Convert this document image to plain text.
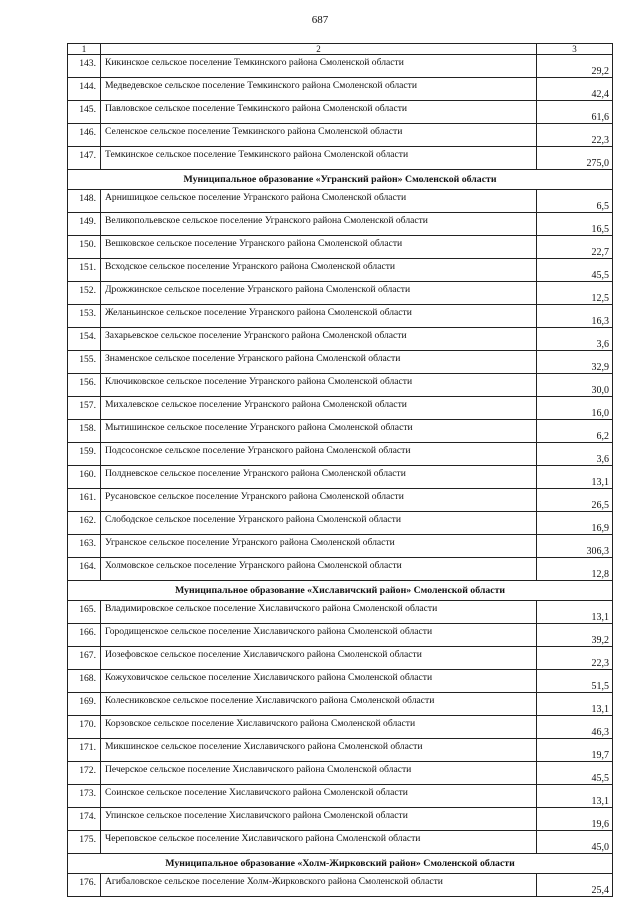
687
1	2	3
143.	Кикинское сельское поселение Темкинского района Смоленской области	29,2
144.	Медведевское сельское поселение Темкинского района Смоленской области	42,4
145.	Павловское сельское поселение Темкинского района Смоленской области	61,6
146.	Селенское сельское поселение Темкинского района Смоленской области	22,3
147.	Темкинское сельское поселение Темкинского района Смоленской области	275,0
Муниципальное образование «Угранский район» Смоленской области		
148.	Арнишицкое сельское поселение Угранского района Смоленской области	6,5
149.	Великопольевское сельское поселение Угранского района Смоленской области	16,5
150.	Вешковское сельское поселение Угранского района Смоленской области	22,7
151.	Всходское сельское поселение Угранского района Смоленской области	45,5
152.	Дрожжинское сельское поселение Угранского района Смоленской области	12,5
153.	Желаньинское сельское поселение Угранского района Смоленской области	16,3
154.	Захарьевское сельское поселение Угранского района Смоленской области	3,6
155.	Знаменское сельское поселение Угранского района Смоленской области	32,9
156.	Ключиковское сельское поселение Угранского района Смоленской области	30,0
157.	Михалевское сельское поселение Угранского района Смоленской области	16,0
158.	Мытишинское сельское поселение Угранского района Смоленской области	6,2
159.	Подсосонское сельское поселение Угранского района Смоленской области	3,6
160.	Полдневское сельское поселение Угранского района Смоленской области	13,1
161.	Русановское сельское поселение Угранского района Смоленской области	26,5
162.	Слободское сельское поселение Угранского района Смоленской области	16,9
163.	Угранское сельское поселение Угранского района Смоленской области	306,3
164.	Холмовское сельское поселение Угранского района Смоленской области	12,8
Муниципальное образование «Хиславичский район» Смоленской области		
165.	Владимировское сельское поселение Хиславичского района Смоленской области	13,1
166.	Городищенское сельское поселение Хиславичского района Смоленской области	39,2
167.	Иозефовское сельское поселение Хиславичского района Смоленской области	22,3
168.	Кожуховичское сельское поселение Хиславичского района Смоленской области	51,5
169.	Колесниковское сельское поселение Хиславичского района Смоленской области	13,1
170.	Корзовское сельское поселение Хиславичского района Смоленской области	46,3
171.	Микшинское сельское поселение Хиславичского района Смоленской области	19,7
172.	Печерское сельское поселение Хиславичского района Смоленской области	45,5
173.	Соинское сельское поселение Хиславичского района Смоленской области	13,1
174.	Упинское сельское поселение Хиславичского района Смоленской области	19,6
175.	Череповское сельское поселение Хиславичского района Смоленской области	45,0
Муниципальное образование «Холм-Жирковский район» Смоленской области		
176.	Агибаловское сельское поселение Холм-Жирковского района Смоленской области	25,4
